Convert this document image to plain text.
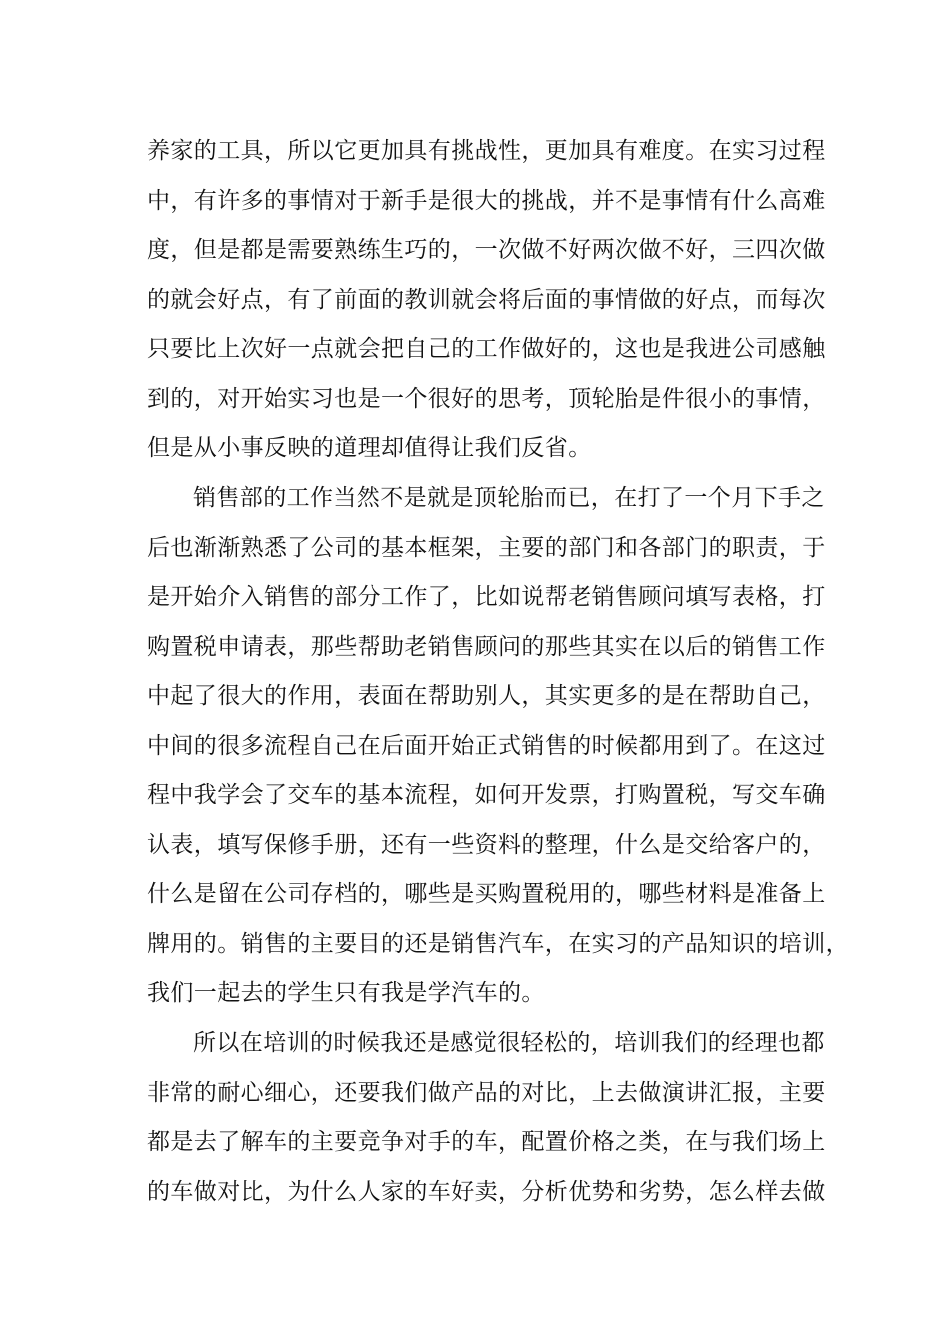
养家的工具，所以它更加具有挑战性，更加具有难度。在实习过程
中，有许多的事情对于新手是很大的挑战，并不是事情有什么高难
度，但是都是需要熟练生巧的，一次做不好两次做不好，三四次做
的就会好点，有了前面的教训就会将后面的事情做的好点，而每次
只要比上次好一点就会把自己的工作做好的，这也是我进公司感触
到的，对开始实习也是一个很好的思考，顶轮胎是件很小的事情，
但是从小事反映的道理却值得让我们反省。
销售部的工作当然不是就是顶轮胎而已，在打了一个月下手之
后也渐渐熟悉了公司的基本框架，主要的部门和各部门的职责，于
是开始介入销售的部分工作了，比如说帮老销售顾问填写表格，打
购置税申请表，那些帮助老销售顾问的那些其实在以后的销售工作
中起了很大的作用，表面在帮助别人，其实更多的是在帮助自己，
中间的很多流程自己在后面开始正式销售的时候都用到了。在这过
程中我学会了交车的基本流程，如何开发票，打购置税，写交车确
认表，填写保修手册，还有一些资料的整理，什么是交给客户的，
什么是留在公司存档的，哪些是买购置税用的，哪些材料是准备上
牌用的。销售的主要目的还是销售汽车，在实习的产品知识的培训，
我们一起去的学生只有我是学汽车的。
所以在培训的时候我还是感觉很轻松的，培训我们的经理也都
非常的耐心细心，还要我们做产品的对比，上去做演讲汇报，主要
都是去了解车的主要竞争对手的车，配置价格之类，在与我们场上
的车做对比，为什么人家的车好卖，分析优势和劣势，怎么样去做
